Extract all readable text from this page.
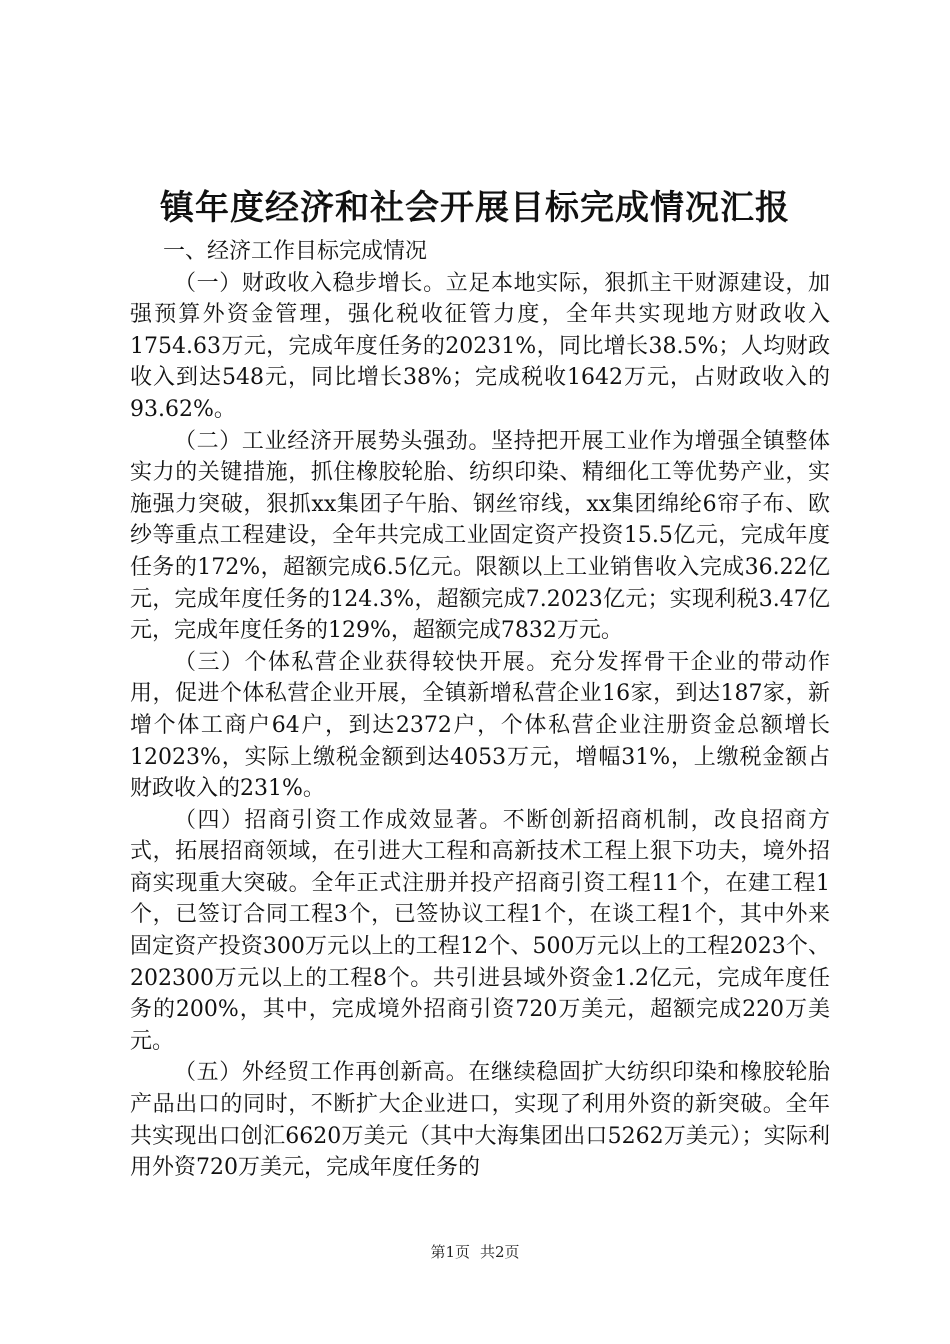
镇年度经济和社会开展目标完成情况汇报

一、经济工作目标完成情况

（一）财政收入稳步增长。立足本地实际，狠抓主干财源建设，加强预算外资金管理，强化税收征管力度，全年共实现地方财政收入1754.63万元，完成年度任务的20231%，同比增长38.5%；人均财政收入到达548元，同比增长38%；完成税收1642万元，占财政收入的93.62%。

（二）工业经济开展势头强劲。坚持把开展工业作为增强全镇整体实力的关键措施，抓住橡胶轮胎、纺织印染、精细化工等优势产业，实施强力突破，狠抓xx集团子午胎、钢丝帘线，xx集团绵纶6帘子布、欧纱等重点工程建设，全年共完成工业固定资产投资15.5亿元，完成年度任务的172%，超额完成6.5亿元。限额以上工业销售收入完成36.22亿元，完成年度任务的124.3%，超额完成7.2023亿元；实现利税3.47亿元，完成年度任务的129%，超额完成7832万元。

（三）个体私营企业获得较快开展。充分发挥骨干企业的带动作用，促进个体私营企业开展，全镇新增私营企业16家，到达187家，新增个体工商户64户，到达2372户，个体私营企业注册资金总额增长12023%，实际上缴税金额到达4053万元，增幅31%，上缴税金额占财政收入的231%。

（四）招商引资工作成效显著。不断创新招商机制，改良招商方式，拓展招商领域，在引进大工程和高新技术工程上狠下功夫，境外招商实现重大突破。全年正式注册并投产招商引资工程11个，在建工程1个，已签订合同工程3个，已签协议工程1个，在谈工程1个，其中外来固定资产投资300万元以上的工程12个、500万元以上的工程2023个、202300万元以上的工程8个。共引进县域外资金1.2亿元，完成年度任务的200%，其中，完成境外招商引资720万美元，超额完成220万美元。

（五）外经贸工作再创新高。在继续稳固扩大纺织印染和橡胶轮胎产品出口的同时，不断扩大企业进口，实现了利用外资的新突破。全年共实现出口创汇6620万美元（其中大海集团出口5262万美元）；实际利用外资720万美元，完成年度任务的

第1页 共2页
